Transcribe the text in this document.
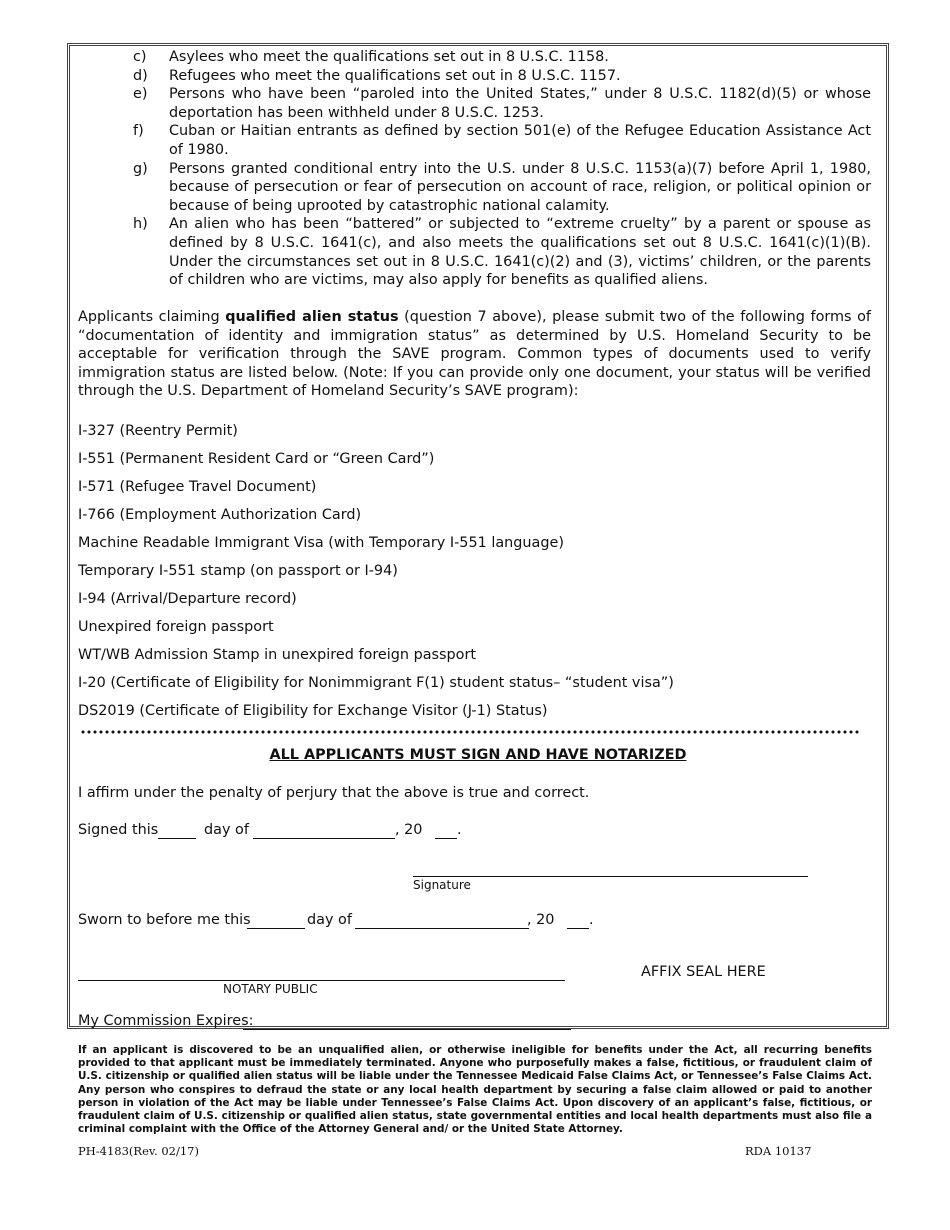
c)	Asylees who meet the qualifications set out in 8 U.S.C. 1158.
d)	Refugees who meet the qualifications set out in 8 U.S.C. 1157.
e)	Persons who have been “paroled into the United States,” under 8 U.S.C. 1182(d)(5) or whose deportation has been withheld under 8 U.S.C. 1253.
f)	Cuban or Haitian entrants as defined by section 501(e) of the Refugee Education Assistance Act of 1980.
g)	Persons granted conditional entry into the U.S. under 8 U.S.C. 1153(a)(7) before April 1, 1980, because of persecution or fear of persecution on account of race, religion, or political opinion or because of being uprooted by catastrophic national calamity.
h)	An alien who has been “battered” or subjected to “extreme cruelty” by a parent or spouse as defined by 8 U.S.C. 1641(c), and also meets the qualifications set out 8 U.S.C. 1641(c)(1)(B). Under the circumstances set out in 8 U.S.C. 1641(c)(2) and (3), victims’ children, or the parents of children who are victims, may also apply for benefits as qualified aliens.
Applicants claiming qualified alien status (question 7 above), please submit two of the following forms of “documentation of identity and immigration status” as determined by U.S. Homeland Security to be acceptable for verification through the SAVE program. Common types of documents used to verify immigration status are listed below. (Note: If you can provide only one document, your status will be verified through the U.S. Department of Homeland Security’s SAVE program):
I-327 (Reentry Permit)
I-551 (Permanent Resident Card or “Green Card”)
I-571 (Refugee Travel Document)
I-766 (Employment Authorization Card)
Machine Readable Immigrant Visa (with Temporary I-551 language)
Temporary I-551 stamp (on passport or I-94)
I-94 (Arrival/Departure record)
Unexpired foreign passport
WT/WB Admission Stamp in unexpired foreign passport
I-20 (Certificate of Eligibility for Nonimmigrant F(1) student status– “student visa”)
DS2019 (Certificate of Eligibility for Exchange Visitor (J-1) Status)
ALL APPLICANTS MUST SIGN AND HAVE NOTARIZED
I affirm under the penalty of perjury that the above is true and correct.
Signed this	day of	, 20 .
Signature
Sworn to before me this	day of	, 20 .
NOTARY PUBLIC
AFFIX SEAL HERE
My Commission Expires:
If an applicant is discovered to be an unqualified alien, or otherwise ineligible for benefits under the Act, all recurring benefits provided to that applicant must be immediately terminated. Anyone who purposefully makes a false, fictitious, or fraudulent claim of U.S. citizenship or qualified alien status will be liable under the Tennessee Medicaid False Claims Act, or Tennessee’s False Claims Act. Any person who conspires to defraud the state or any local health department by securing a false claim allowed or paid to another person in violation of the Act may be liable under Tennessee’s False Claims Act. Upon discovery of an applicant’s false, fictitious, or fraudulent claim of U.S. citizenship or qualified alien status, state governmental entities and local health departments must also file a criminal complaint with the Office of the Attorney General and/ or the United State Attorney.
PH-4183(Rev. 02/17)	RDA 10137
